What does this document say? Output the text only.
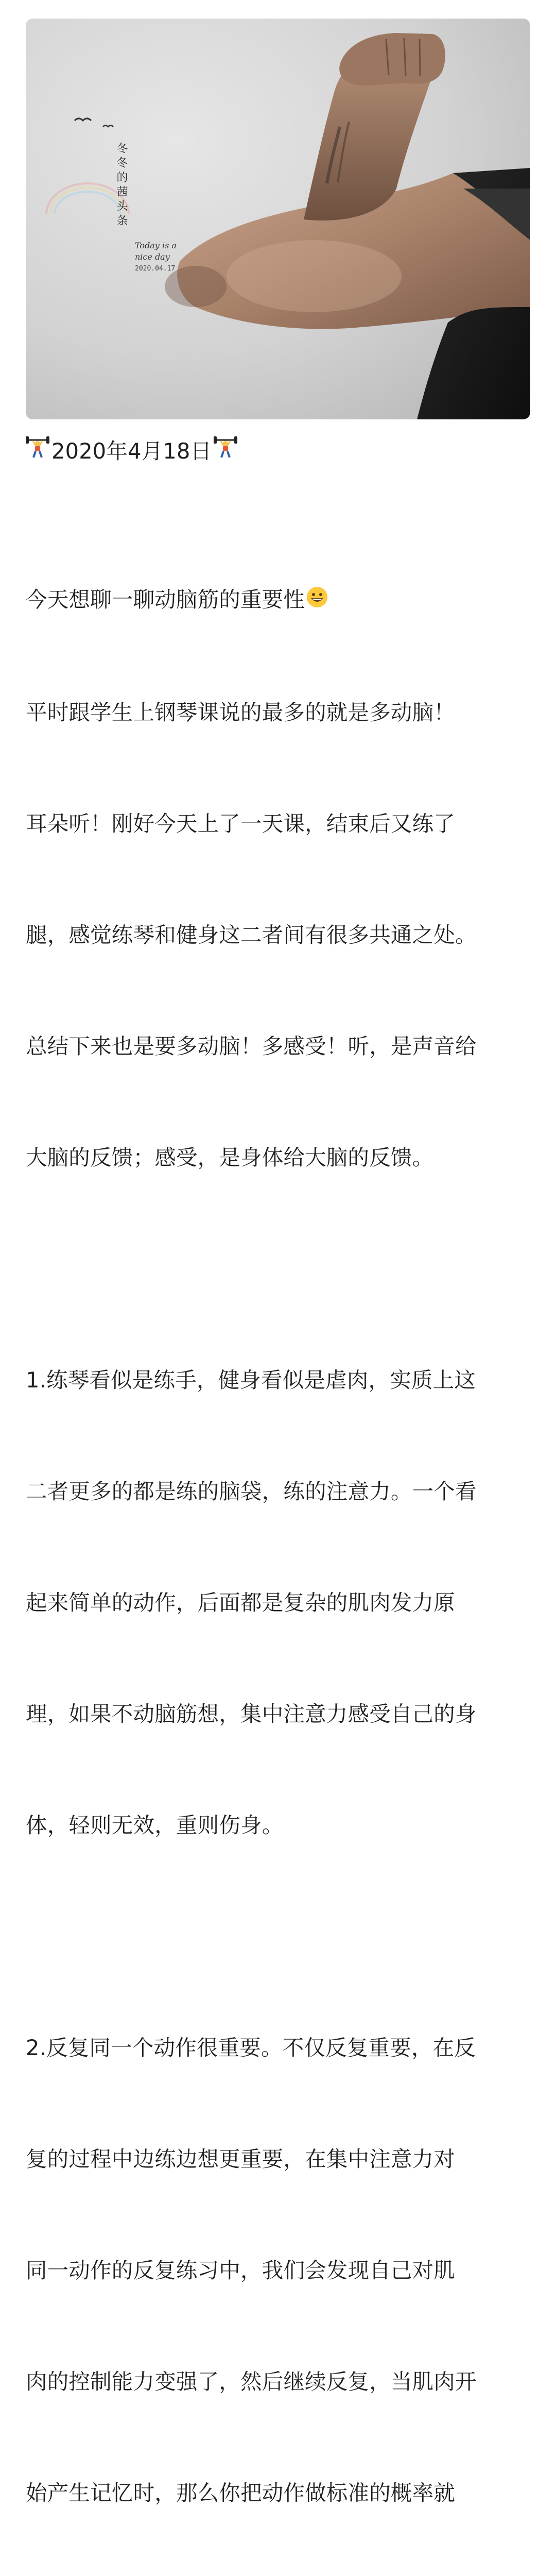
冬冬的茜头条
Today is a nice day
2020.04.17
2020年4月18日

今天想聊一聊动脑筋的重要性

平时跟学生上钢琴课说的最多的就是多动脑！

耳朵听！刚好今天上了一天课，结束后又练了

腿，感觉练琴和健身这二者间有很多共通之处。

总结下来也是要多动脑！多感受！听，是声音给

大脑的反馈；感受，是身体给大脑的反馈。

1.练琴看似是练手，健身看似是虐肉，实质上这

二者更多的都是练的脑袋，练的注意力。一个看

起来简单的动作，后面都是复杂的肌肉发力原

理，如果不动脑筋想，集中注意力感受自己的身

体，轻则无效，重则伤身。

2.反复同一个动作很重要。不仅反复重要，在反

复的过程中边练边想更重要，在集中注意力对

同一动作的反复练习中，我们会发现自己对肌

肉的控制能力变强了，然后继续反复，当肌肉开

始产生记忆时，那么你把动作做标准的概率就
